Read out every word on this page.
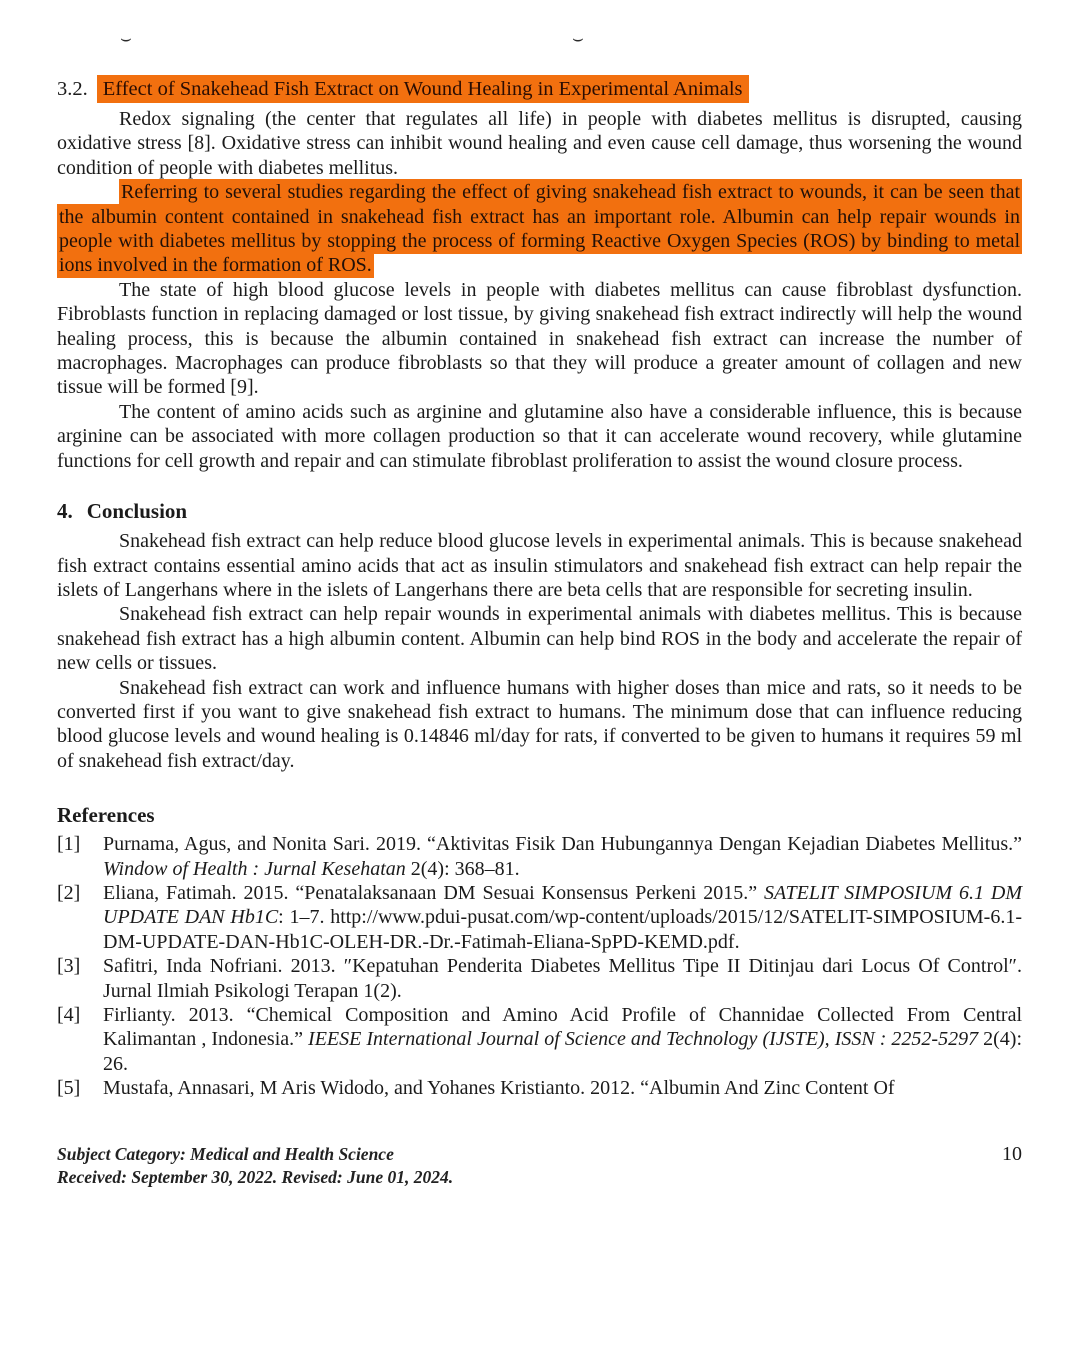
⌣	⌣
3.2. Effect of Snakehead Fish Extract on Wound Healing in Experimental Animals

Redox signaling (the center that regulates all life) in people with diabetes mellitus is disrupted, causing oxidative stress [8]. Oxidative stress can inhibit wound healing and even cause cell damage, thus worsening the wound condition of people with diabetes mellitus.

Referring to several studies regarding the effect of giving snakehead fish extract to wounds, it can be seen that the albumin content contained in snakehead fish extract has an important role. Albumin can help repair wounds in people with diabetes mellitus by stopping the process of forming Reactive Oxygen Species (ROS) by binding to metal ions involved in the formation of ROS.

The state of high blood glucose levels in people with diabetes mellitus can cause fibroblast dysfunction. Fibroblasts function in replacing damaged or lost tissue, by giving snakehead fish extract indirectly will help the wound healing process, this is because the albumin contained in snakehead fish extract can increase the number of macrophages. Macrophages can produce fibroblasts so that they will produce a greater amount of collagen and new tissue will be formed [9].

The content of amino acids such as arginine and glutamine also have a considerable influence, this is because arginine can be associated with more collagen production so that it can accelerate wound recovery, while glutamine functions for cell growth and repair and can stimulate fibroblast proliferation to assist the wound closure process.

4. Conclusion

Snakehead fish extract can help reduce blood glucose levels in experimental animals. This is because snakehead fish extract contains essential amino acids that act as insulin stimulators and snakehead fish extract can help repair the islets of Langerhans where in the islets of Langerhans there are beta cells that are responsible for secreting insulin.

Snakehead fish extract can help repair wounds in experimental animals with diabetes mellitus. This is because snakehead fish extract has a high albumin content. Albumin can help bind ROS in the body and accelerate the repair of new cells or tissues.

Snakehead fish extract can work and influence humans with higher doses than mice and rats, so it needs to be converted first if you want to give snakehead fish extract to humans. The minimum dose that can influence reducing blood glucose levels and wound healing is 0.14846 ml/day for rats, if converted to be given to humans it requires 59 ml of snakehead fish extract/day.

References
[1] Purnama, Agus, and Nonita Sari. 2019. “Aktivitas Fisik Dan Hubungannya Dengan Kejadian Diabetes Mellitus.” Window of Health : Jurnal Kesehatan 2(4): 368–81.
[2] Eliana, Fatimah. 2015. “Penatalaksanaan DM Sesuai Konsensus Perkeni 2015.” SATELIT SIMPOSIUM 6.1 DM UPDATE DAN Hb1C: 1–7. http://www.pdui-pusat.com/wp-content/uploads/2015/12/SATELIT-SIMPOSIUM-6.1-DM-UPDATE-DAN-Hb1C-OLEH-DR.-Dr.-Fatimah-Eliana-SpPD-KEMD.pdf.
[3] Safitri, Inda Nofriani. 2013. ″Kepatuhan Penderita Diabetes Mellitus Tipe II Ditinjau dari Locus Of Control″. Jurnal Ilmiah Psikologi Terapan 1(2).
[4] Firlianty. 2013. “Chemical Composition and Amino Acid Profile of Channidae Collected From Central Kalimantan , Indonesia.” IEESE International Journal of Science and Technology (IJSTE), ISSN : 2252-5297 2(4): 26.
[5] Mustafa, Annasari, M Aris Widodo, and Yohanes Kristianto. 2012. “Albumin And Zinc Content Of
Subject Category: Medical and Health Science
Received: September 30, 2022. Revised: June 01, 2024.
10
